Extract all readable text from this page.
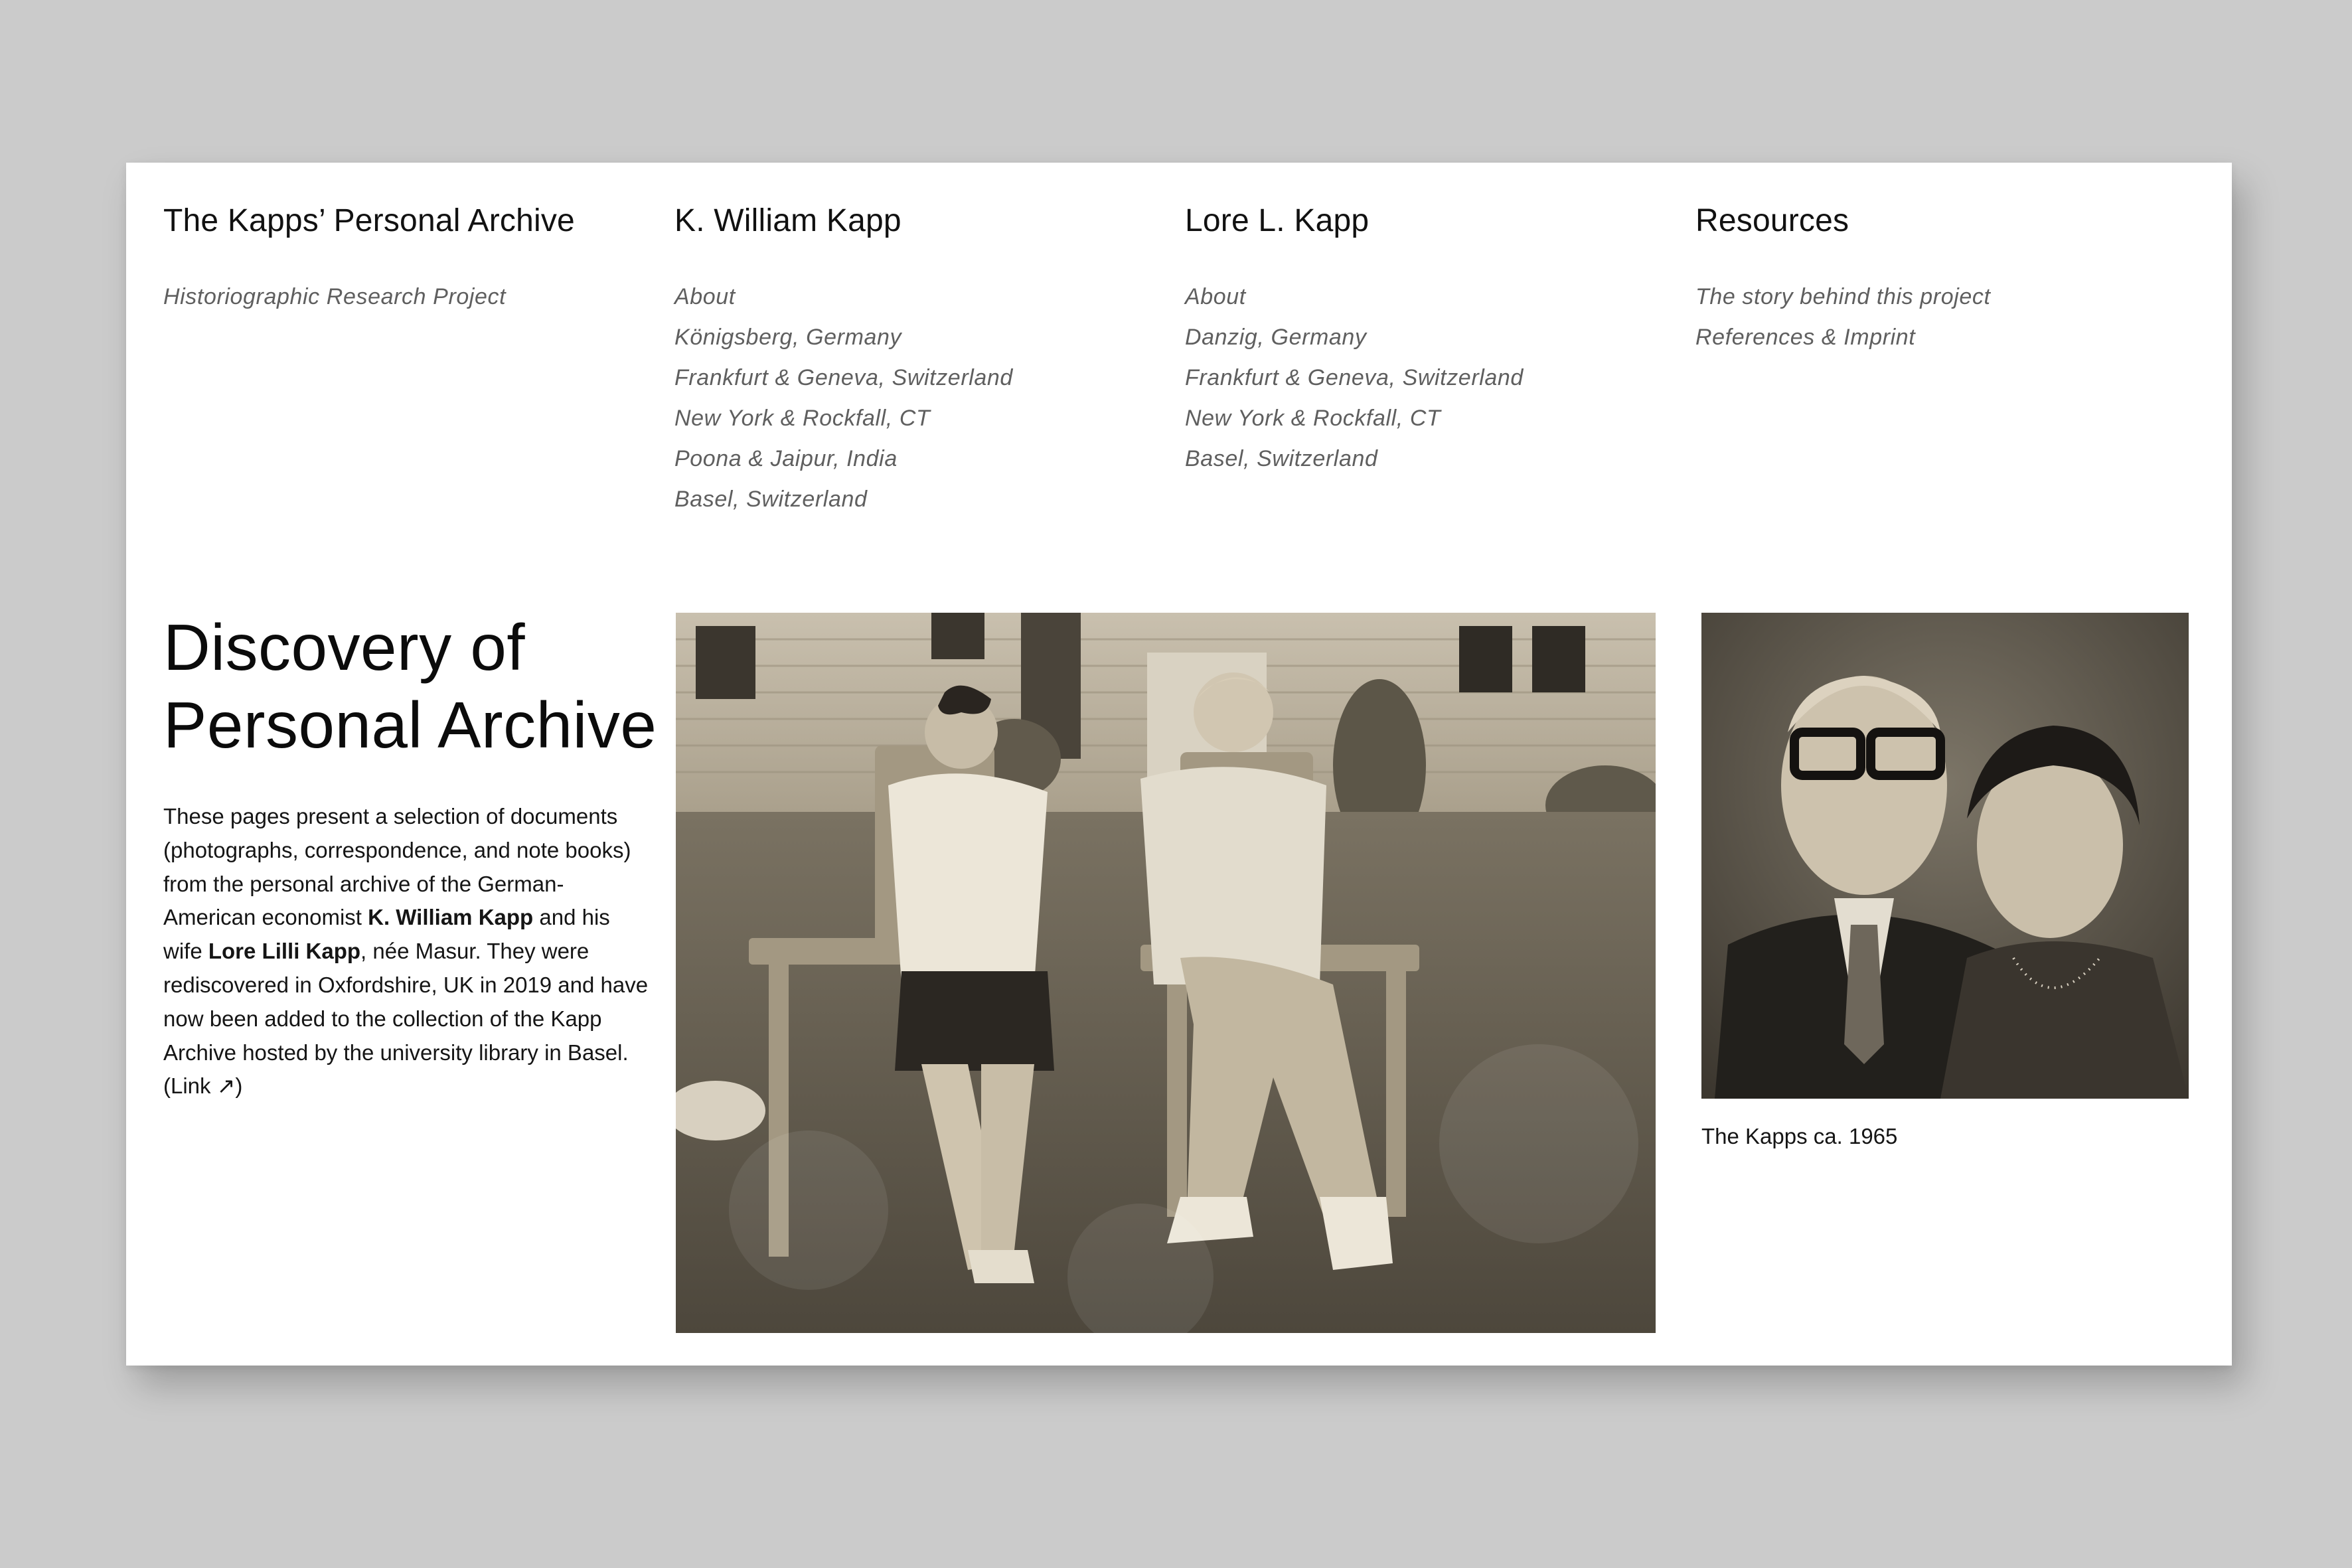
The Kapps’ Personal Archive
Historiographic Research Project
K. William Kapp
About
Königsberg, Germany
Frankfurt & Geneva, Switzerland
New York & Rockfall, CT
Poona & Jaipur, India
Basel, Switzerland
Lore L. Kapp
About
Danzig, Germany
Frankfurt & Geneva, Switzerland
New York & Rockfall, CT
Basel, Switzerland
Resources
The story behind this project
References & Imprint
Discovery of
Personal Archive

These pages present a selection of documents (photographs, correspondence, and note books) from the personal archive of the German-American economist K. William Kapp and his wife Lore Lilli Kapp, née Masur. They were rediscovered in Oxfordshire, UK in 2019 and have now been added to the collection of the Kapp Archive hosted by the university library in Basel. (Link ↗)

The Kapps ca. 1965
